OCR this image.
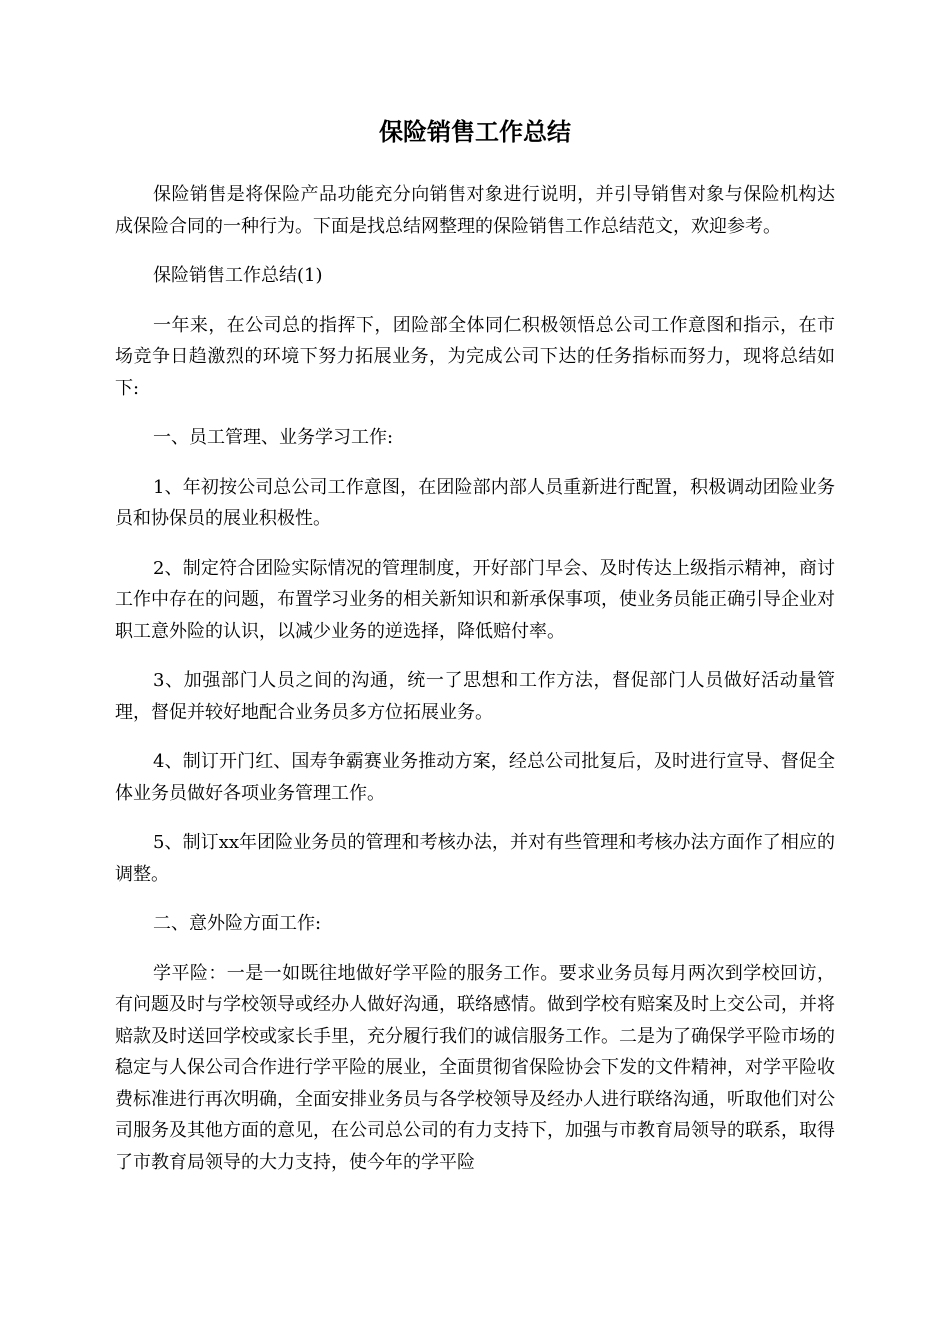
保险销售工作总结

保险销售是将保险产品功能充分向销售对象进行说明，并引导销售对象与保险机构达成保险合同的一种行为。下面是找总结网整理的保险销售工作总结范文，欢迎参考。

保险销售工作总结(1)

一年来，在公司总的指挥下，团险部全体同仁积极领悟总公司工作意图和指示，在市场竞争日趋激烈的环境下努力拓展业务，为完成公司下达的任务指标而努力，现将总结如下:

一、员工管理、业务学习工作:

1、年初按公司总公司工作意图，在团险部内部人员重新进行配置，积极调动团险业务员和协保员的展业积极性。

2、制定符合团险实际情况的管理制度，开好部门早会、及时传达上级指示精神，商讨工作中存在的问题，布置学习业务的相关新知识和新承保事项，使业务员能正确引导企业对职工意外险的认识，以减少业务的逆选择，降低赔付率。

3、加强部门人员之间的沟通，统一了思想和工作方法，督促部门人员做好活动量管理，督促并较好地配合业务员多方位拓展业务。

4、制订开门红、国寿争霸赛业务推动方案，经总公司批复后，及时进行宣导、督促全体业务员做好各项业务管理工作。

5、制订xx年团险业务员的管理和考核办法，并对有些管理和考核办法方面作了相应的调整。

二、意外险方面工作:

学平险：一是一如既往地做好学平险的服务工作。要求业务员每月两次到学校回访，有问题及时与学校领导或经办人做好沟通，联络感情。做到学校有赔案及时上交公司，并将赔款及时送回学校或家长手里，充分履行我们的诚信服务工作。二是为了确保学平险市场的稳定与人保公司合作进行学平险的展业，全面贯彻省保险协会下发的文件精神，对学平险收费标准进行再次明确，全面安排业务员与各学校领导及经办人进行联络沟通，听取他们对公司服务及其他方面的意见，在公司总公司的有力支持下，加强与市教育局领导的联系，取得了市教育局领导的大力支持，使今年的学平险
